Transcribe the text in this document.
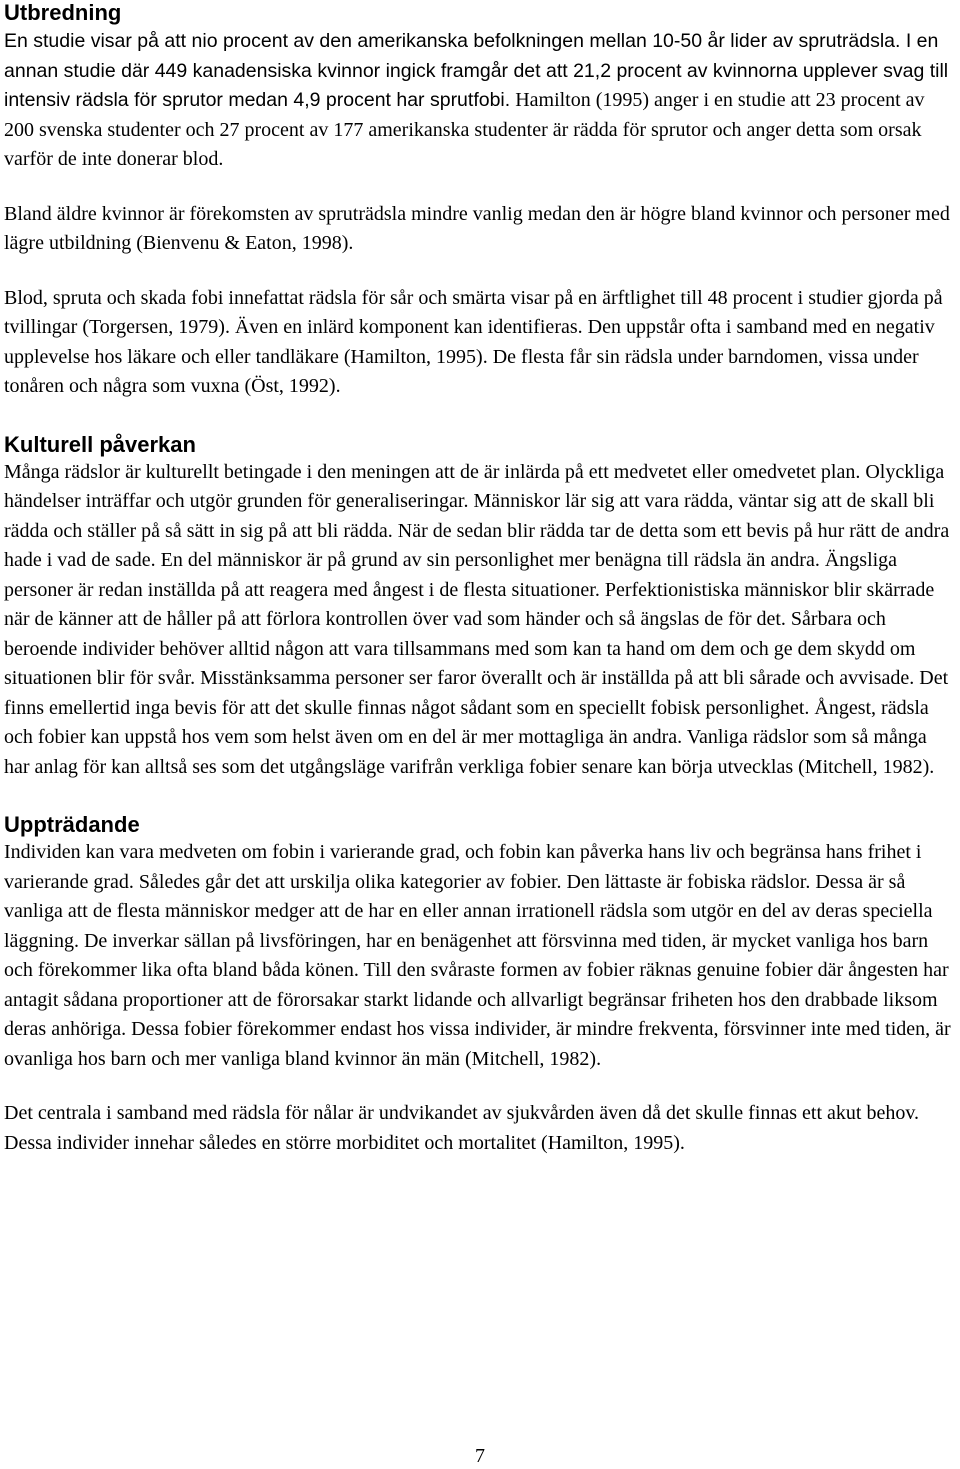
Utbredning

En studie visar på att nio procent av den amerikanska befolkningen mellan 10-50 år lider av spruträdsla. I en annan studie där 449 kanadensiska kvinnor ingick framgår det att 21,2 procent av kvinnorna upplever svag till intensiv rädsla för sprutor medan 4,9 procent har sprutfobi. Hamilton (1995) anger i en studie att 23 procent av 200 svenska studenter och 27 procent av 177 amerikanska studenter är rädda för sprutor och anger detta som orsak varför de inte donerar blod.

Bland äldre kvinnor är förekomsten av spruträdsla mindre vanlig medan den är högre bland kvinnor och personer med lägre utbildning (Bienvenu & Eaton, 1998).

Blod, spruta och skada fobi innefattat rädsla för sår och smärta visar på en ärftlighet till 48 procent i studier gjorda på tvillingar (Torgersen, 1979). Även en inlärd komponent kan identifieras. Den uppstår ofta i samband med en negativ upplevelse hos läkare och eller tandläkare (Hamilton, 1995). De flesta får sin rädsla under barndomen, vissa under tonåren och några som vuxna (Öst, 1992).

Kulturell påverkan

Många rädslor är kulturellt betingade i den meningen att de är inlärda på ett medvetet eller omedvetet plan. Olyckliga händelser inträffar och utgör grunden för generaliseringar. Människor lär sig att vara rädda, väntar sig att de skall bli rädda och ställer på så sätt in sig på att bli rädda. När de sedan blir rädda tar de detta som ett bevis på hur rätt de andra hade i vad de sade. En del människor är på grund av sin personlighet mer benägna till rädsla än andra. Ängsliga personer är redan inställda på att reagera med ångest i de flesta situationer. Perfektionistiska människor blir skärrade när de känner att de håller på att förlora kontrollen över vad som händer och så ängslas de för det. Sårbara och beroende individer behöver alltid någon att vara tillsammans med som kan ta hand om dem och ge dem skydd om situationen blir för svår. Misstänksamma personer ser faror överallt och är inställda på att bli sårade och avvisade. Det finns emellertid inga bevis för att det skulle finnas något sådant som en speciellt fobisk personlighet. Ångest, rädsla och fobier kan uppstå hos vem som helst även om en del är mer mottagliga än andra. Vanliga rädslor som så många har anlag för kan alltså ses som det utgångsläge varifrån verkliga fobier senare kan börja utvecklas (Mitchell, 1982).

Uppträdande

Individen kan vara medveten om fobin i varierande grad, och fobin kan påverka hans liv och begränsa hans frihet i varierande grad. Således går det att urskilja olika kategorier av fobier. Den lättaste är fobiska rädslor. Dessa är så vanliga att de flesta människor medger att de har en eller annan irrationell rädsla som utgör en del av deras speciella läggning. De inverkar sällan på livsföringen, har en benägenhet att försvinna med tiden, är mycket vanliga hos barn och förekommer lika ofta bland båda könen. Till den svåraste formen av fobier räknas genuine fobier där ångesten har antagit sådana proportioner att de förorsakar starkt lidande och allvarligt begränsar friheten hos den drabbade liksom deras anhöriga. Dessa fobier förekommer endast hos vissa individer, är mindre frekventa, försvinner inte med tiden, är ovanliga hos barn och mer vanliga bland kvinnor än män (Mitchell, 1982).

Det centrala i samband med rädsla för nålar är undvikandet av sjukvården även då det skulle finnas ett akut behov. Dessa individer innehar således en större morbiditet och mortalitet (Hamilton, 1995).

7
